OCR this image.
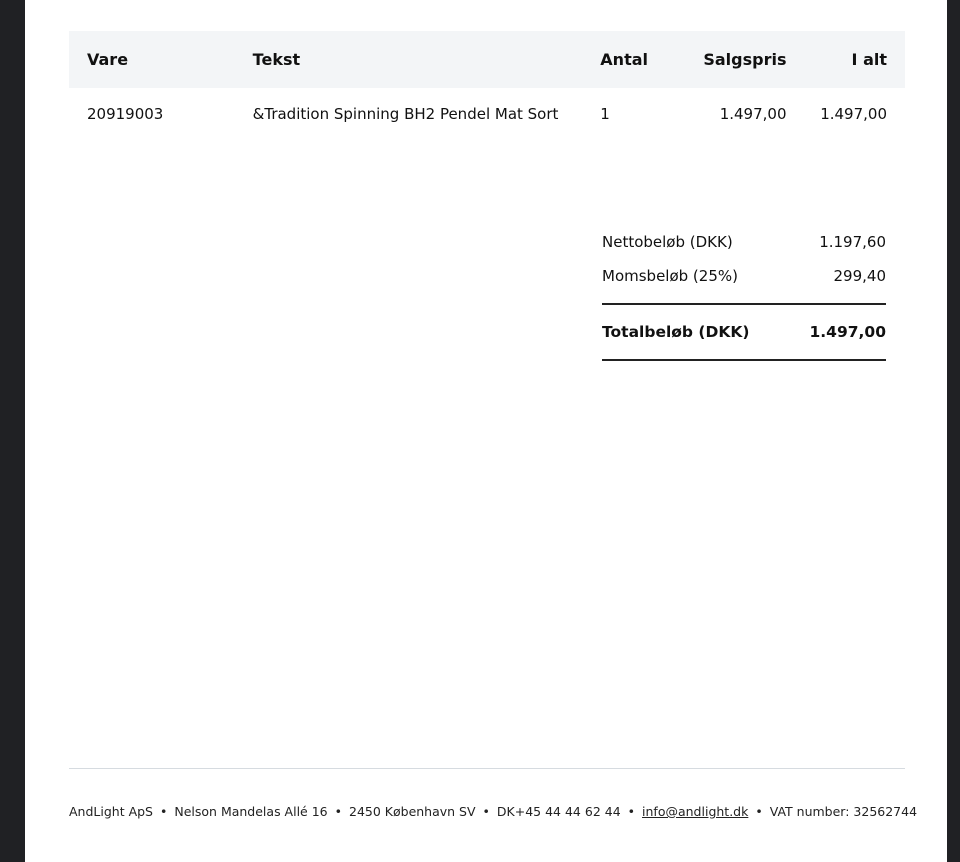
Vare	Tekst	Antal	Salgspris	I alt
20919003	&Tradition Spinning BH2 Pendel Mat Sort	1	1.497,00	1.497,00
Nettobeløb (DKK)	1.197,60
Momsbeløb (25%)	299,40
Totalbeløb (DKK)	1.497,00
AndLight ApS • Nelson Mandelas Allé 16 • 2450 København SV • DK +45 44 44 62 44 • info@andlight.dk • VAT number: 32562744
